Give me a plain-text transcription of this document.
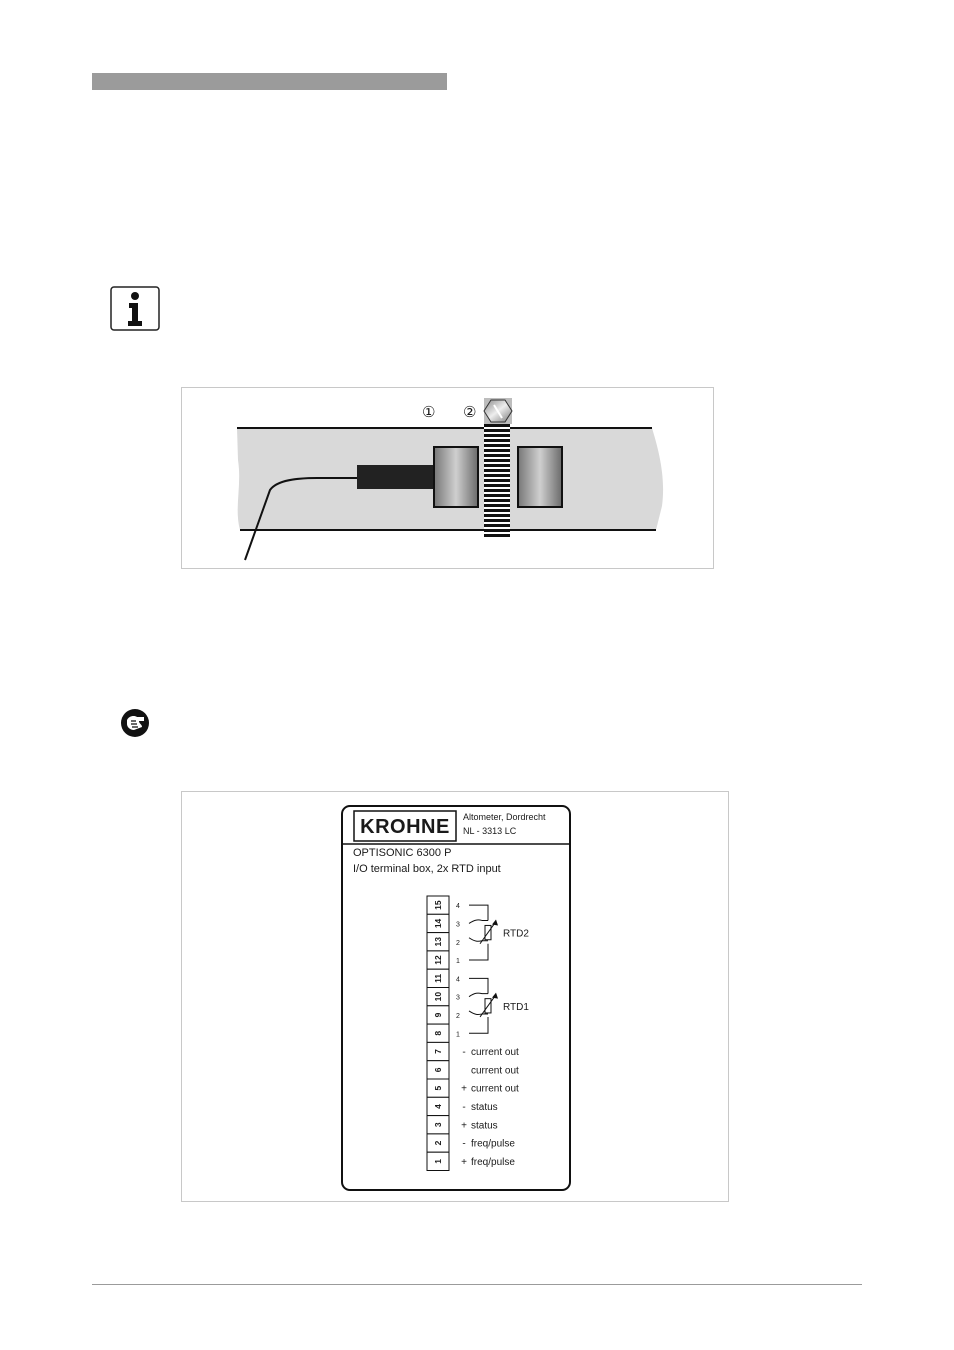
① ②
KROHNE Altometer, Dordrecht
NL - 3313 LC
OPTISONIC 6300 P
I/O terminal box, 2x RTD input
15
14
13
12
11
10
9
8
7 - current out
6	current out
5 + current out
4 - status
3 + status
2 - freq/pulse
1 + freq/pulse
4
3
2
1
RTD2
4
3
2
1
RTD1
